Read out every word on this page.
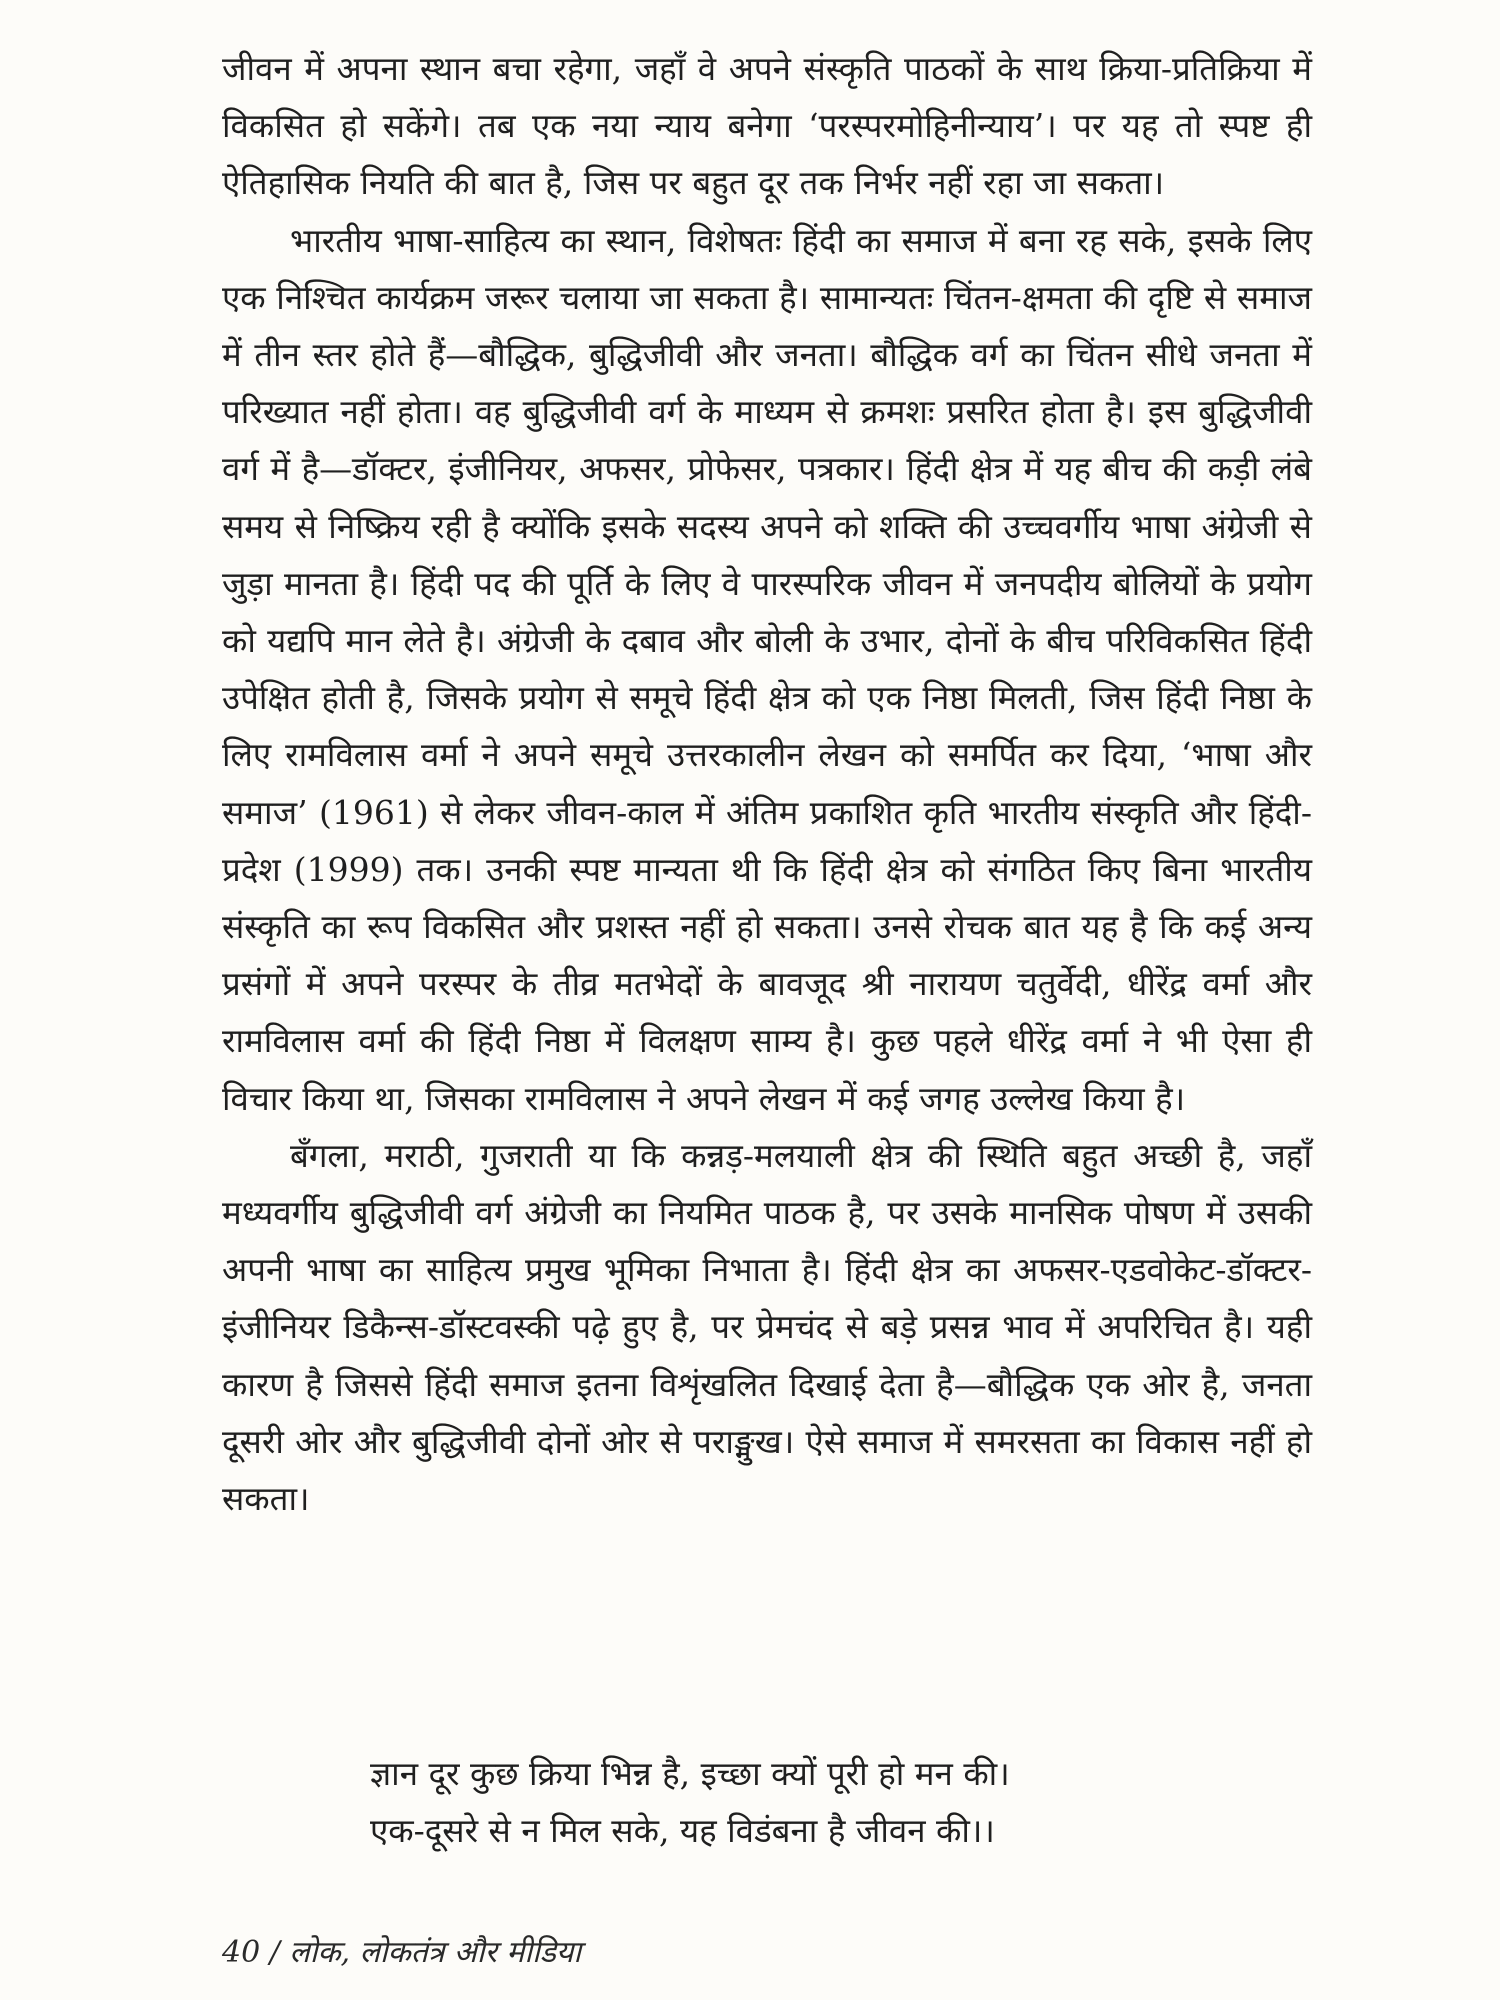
जीवन में अपना स्थान बचा रहेगा, जहाँ वे अपने संस्कृति पाठकों के साथ क्रिया-प्रतिक्रिया में विकसित हो सकेंगे। तब एक नया न्याय बनेगा ‘परस्परमोहिनीन्याय’। पर यह तो स्पष्ट ही ऐतिहासिक नियति की बात है, जिस पर बहुत दूर तक निर्भर नहीं रहा जा सकता।

भारतीय भाषा-साहित्य का स्थान, विशेषतः हिंदी का समाज में बना रह सके, इसके लिए एक निश्चित कार्यक्रम जरूर चलाया जा सकता है। सामान्यतः चिंतन-क्षमता की दृष्टि से समाज में तीन स्तर होते हैं—बौद्धिक, बुद्धिजीवी और जनता। बौद्धिक वर्ग का चिंतन सीधे जनता में परिख्यात नहीं होता। वह बुद्धिजीवी वर्ग के माध्यम से क्रमशः प्रसरित होता है। इस बुद्धिजीवी वर्ग में है—डॉक्टर, इंजीनियर, अफसर, प्रोफेसर, पत्रकार। हिंदी क्षेत्र में यह बीच की कड़ी लंबे समय से निष्क्रिय रही है क्योंकि इसके सदस्य अपने को शक्ति की उच्चवर्गीय भाषा अंग्रेजी से जुड़ा मानता है। हिंदी पद की पूर्ति के लिए वे पारस्परिक जीवन में जनपदीय बोलियों के प्रयोग को यद्यपि मान लेते है। अंग्रेजी के दबाव और बोली के उभार, दोनों के बीच परिविकसित हिंदी उपेक्षित होती है, जिसके प्रयोग से समूचे हिंदी क्षेत्र को एक निष्ठा मिलती, जिस हिंदी निष्ठा के लिए रामविलास वर्मा ने अपने समूचे उत्तरकालीन लेखन को समर्पित कर दिया, ‘भाषा और समाज’ (1961) से लेकर जीवन-काल में अंतिम प्रकाशित कृति भारतीय संस्कृति और हिंदी-प्रदेश (1999) तक। उनकी स्पष्ट मान्यता थी कि हिंदी क्षेत्र को संगठित किए बिना भारतीय संस्कृति का रूप विकसित और प्रशस्त नहीं हो सकता। उनसे रोचक बात यह है कि कई अन्य प्रसंगों में अपने परस्पर के तीव्र मतभेदों के बावजूद श्री नारायण चतुर्वेदी, धीरेंद्र वर्मा और रामविलास वर्मा की हिंदी निष्ठा में विलक्षण साम्य है। कुछ पहले धीरेंद्र वर्मा ने भी ऐसा ही विचार किया था, जिसका रामविलास ने अपने लेखन में कई जगह उल्लेख किया है।

बँगला, मराठी, गुजराती या कि कन्नड़-मलयाली क्षेत्र की स्थिति बहुत अच्छी है, जहाँ मध्यवर्गीय बुद्धिजीवी वर्ग अंग्रेजी का नियमित पाठक है, पर उसके मानसिक पोषण में उसकी अपनी भाषा का साहित्य प्रमुख भूमिका निभाता है। हिंदी क्षेत्र का अफसर-एडवोकेट-डॉक्टर-इंजीनियर डिकैन्स-डॉस्टवस्की पढ़े हुए है, पर प्रेमचंद से बड़े प्रसन्न भाव में अपरिचित है। यही कारण है जिससे हिंदी समाज इतना विशृंखलित दिखाई देता है—बौद्धिक एक ओर है, जनता दूसरी ओर और बुद्धिजीवी दोनों ओर से पराङ्मुख। ऐसे समाज में समरसता का विकास नहीं हो सकता।

ज्ञान दूर कुछ क्रिया भिन्न है, इच्छा क्यों पूरी हो मन की।
एक-दूसरे से न मिल सके, यह विडंबना है जीवन की।।
40 / लोक, लोकतंत्र और मीडिया
